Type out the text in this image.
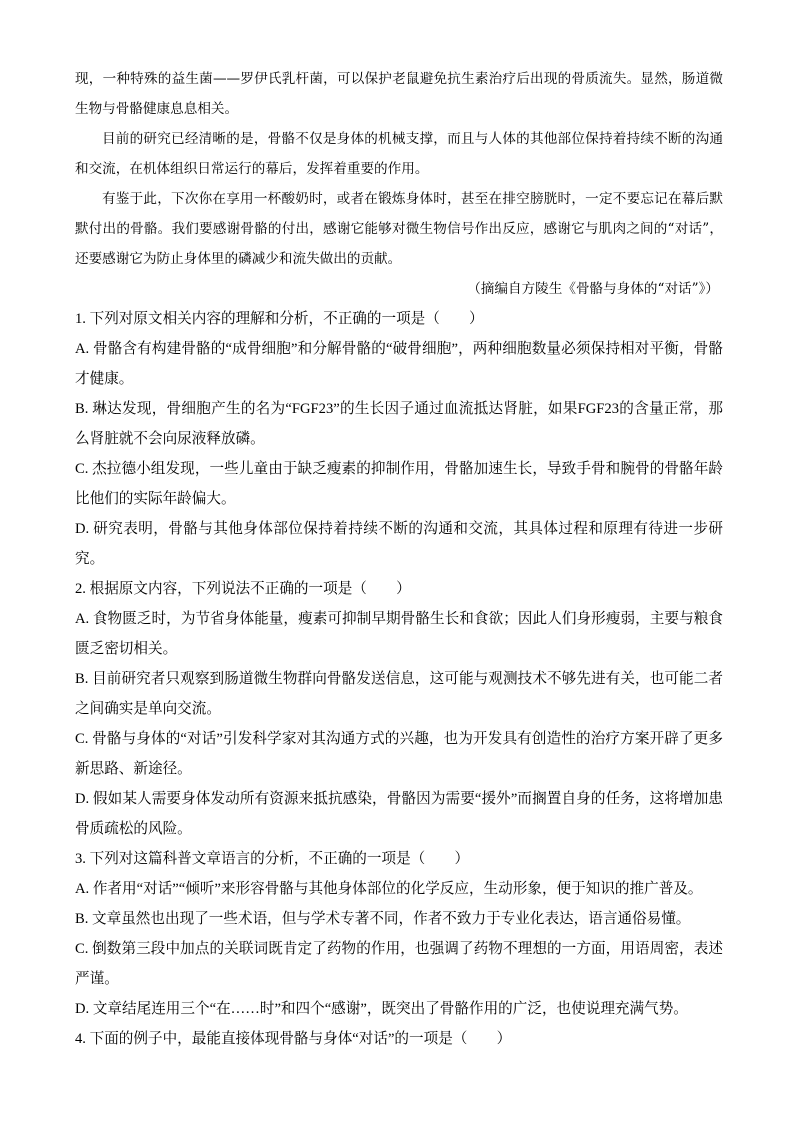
现，一种特殊的益生菌——罗伊氏乳杆菌，可以保护老鼠避免抗生素治疗后出现的骨质流失。显然，肠道微生物与骨骼健康息息相关。

目前的研究已经清晰的是，骨骼不仅是身体的机械支撑，而且与人体的其他部位保持着持续不断的沟通和交流，在机体组织日常运行的幕后，发挥着重要的作用。

有鉴于此，下次你在享用一杯酸奶时，或者在锻炼身体时，甚至在排空膀胱时，一定不要忘记在幕后默默付出的骨骼。我们要感谢骨骼的付出，感谢它能够对微生物信号作出反应，感谢它与肌肉之间的“对话”，还要感谢它为防止身体里的磷减少和流失做出的贡献。

（摘编自方陵生《骨骼与身体的“对话”》）

1. 下列对原文相关内容的理解和分析，不正确的一项是（　　）

A. 骨骼含有构建骨骼的“成骨细胞”和分解骨骼的“破骨细胞”，两种细胞数量必须保持相对平衡，骨骼才健康。

B. 琳达发现，骨细胞产生的名为“FGF23”的生长因子通过血流抵达肾脏，如果FGF23的含量正常，那么肾脏就不会向尿液释放磷。

C. 杰拉德小组发现，一些儿童由于缺乏瘦素的抑制作用，骨骼加速生长，导致手骨和腕骨的骨骼年龄比他们的实际年龄偏大。

D. 研究表明，骨骼与其他身体部位保持着持续不断的沟通和交流，其具体过程和原理有待进一步研究。

2. 根据原文内容，下列说法不正确的一项是（　　）

A. 食物匮乏时，为节省身体能量，瘦素可抑制早期骨骼生长和食欲；因此人们身形瘦弱，主要与粮食匮乏密切相关。

B. 目前研究者只观察到肠道微生物群向骨骼发送信息，这可能与观测技术不够先进有关，也可能二者之间确实是单向交流。

C. 骨骼与身体的“对话”引发科学家对其沟通方式的兴趣，也为开发具有创造性的治疗方案开辟了更多新思路、新途径。

D. 假如某人需要身体发动所有资源来抵抗感染，骨骼因为需要“援外”而搁置自身的任务，这将增加患骨质疏松的风险。

3. 下列对这篇科普文章语言的分析，不正确的一项是（　　）

A. 作者用“对话”“倾听”来形容骨骼与其他身体部位的化学反应，生动形象，便于知识的推广普及。

B. 文章虽然也出现了一些术语，但与学术专著不同，作者不致力于专业化表达，语言通俗易懂。

C. 倒数第三段中加点的关联词既肯定了药物的作用，也强调了药物不理想的一方面，用语周密，表述严谨。

D. 文章结尾连用三个“在……时”和四个“感谢”，既突出了骨骼作用的广泛，也使说理充满气势。

4. 下面的例子中，最能直接体现骨骼与身体“对话”的一项是（　　）
